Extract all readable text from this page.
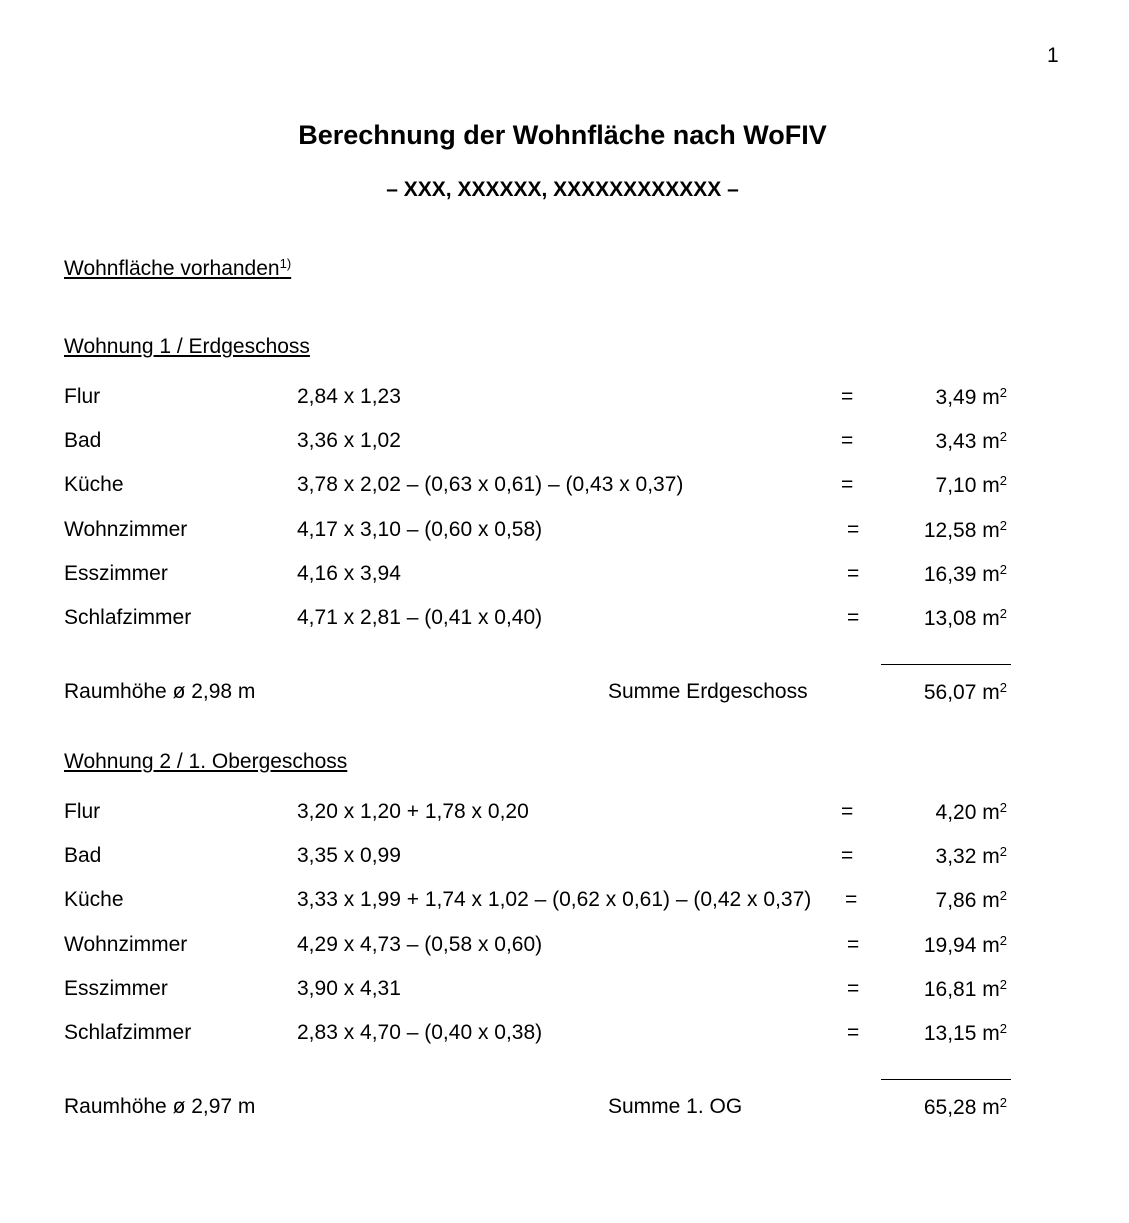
1
Berechnung der Wohnfläche nach WoFIV
– XXX, XXXXXX, XXXXXXXXXXXX –
Wohnfläche vorhanden$^{1)}$
Wohnung 1 / Erdgeschoss
Flur	2,84 x 1,23	=	3,49 $m^2$
Bad	3,36 x 1,02	=	3,43 $m^2$
Küche	3,78 x 2,02 – (0,63 x 0,61) – (0,43 x 0,37)	=	7,10 $m^2$
Wohnzimmer	4,17 x 3,10 – (0,60 x 0,58)	=	12,58 $m^2$
Esszimmer	4,16 x 3,94	=	16,39 $m^2$
Schlafzimmer	4,71 x 2,81 – (0,41 x 0,40)	=	13,08 $m^2$
Raumhöhe ø 2,98 m	Summe Erdgeschoss	56,07 $m^2$
Wohnung 2 / 1. Obergeschoss
Flur	3,20 x 1,20 + 1,78 x 0,20	=	4,20 $m^2$
Bad	3,35 x 0,99	=	3,32 $m^2$
Küche	3,33 x 1,99 + 1,74 x 1,02 – (0,62 x 0,61) – (0,42 x 0,37) =	7,86 $m^2$
Wohnzimmer	4,29 x 4,73 – (0,58 x 0,60)	=	19,94 $m^2$
Esszimmer	3,90 x 4,31	=	16,81 $m^2$
Schlafzimmer	2,83 x 4,70 – (0,40 x 0,38)	=	13,15 $m^2$
Raumhöhe ø 2,97 m	Summe 1. OG	65,28 $m^2$
